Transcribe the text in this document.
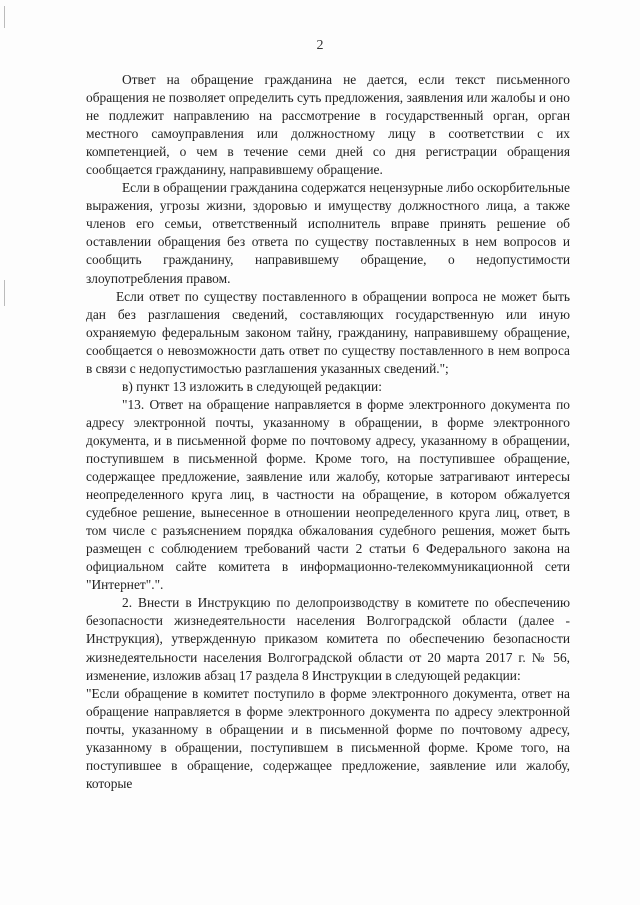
2

Ответ на обращение гражданина не дается, если текст письменного обращения не позволяет определить суть предложения, заявления или жалобы и оно не подлежит направлению на рассмотрение в государственный орган, орган местного самоуправления или должностному лицу в соответствии с их компетенцией, о чем в течение семи дней со дня регистрации обращения сообщается гражданину, направившему обращение.

Если в обращении гражданина содержатся нецензурные либо оскорбительные выражения, угрозы жизни, здоровью и имуществу должностного лица, а также членов его семьи, ответственный исполнитель вправе принять решение об оставлении обращения без ответа по существу поставленных в нем вопросов и сообщить гражданину, направившему обращение, о недопустимости злоупотребления правом.

Если ответ по существу поставленного в обращении вопроса не может быть дан без разглашения сведений, составляющих государственную или иную охраняемую федеральным законом тайну, гражданину, направившему обращение, сообщается о невозможности дать ответ по существу поставленного в нем вопроса в связи с недопустимостью разглашения указанных сведений.";

в) пункт 13 изложить в следующей редакции:

"13. Ответ на обращение направляется в форме электронного документа по адресу электронной почты, указанному в обращении, в форме электронного документа, и в письменной форме по почтовому адресу, указанному в обращении, поступившем в письменной форме. Кроме того, на поступившее обращение, содержащее предложение, заявление или жалобу, которые затрагивают интересы неопределенного круга лиц, в частности на обращение, в котором обжалуется судебное решение, вынесенное в отношении неопределенного круга лиц, ответ, в том числе с разъяснением порядка обжалования судебного решения, может быть размещен с соблюдением требований части 2 статьи 6 Федерального закона на официальном сайте комитета в информационно-телекоммуникационной сети "Интернет".".

2. Внести в Инструкцию по делопроизводству в комитете по обеспечению безопасности жизнедеятельности населения Волгоградской области (далее - Инструкция), утвержденную приказом комитета по обеспечению безопасности жизнедеятельности населения Волгоградской области от 20 марта 2017 г. № 56, изменение, изложив абзац 17 раздела 8 Инструкции в следующей редакции:

"Если обращение в комитет поступило в форме электронного документа, ответ на обращение направляется в форме электронного документа по адресу электронной почты, указанному в обращении и в письменной форме по почтовому адресу, указанному в обращении, поступившем в письменной форме. Кроме того, на поступившее в обращение, содержащее предложение, заявление или жалобу, которые
